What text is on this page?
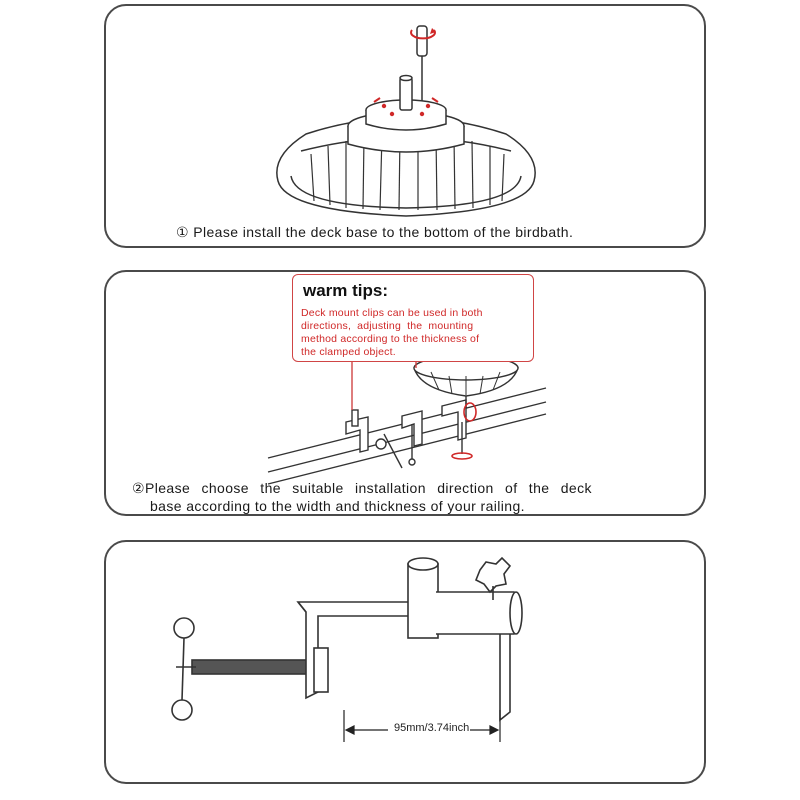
① Please install the deck base to the bottom of the birdbath.
warm tips:
Deck mount clips can be used in both
directions, adjusting the mounting
method according to the thickness of
the clamped object.
②Please choose the suitable installation direction of the deck
base according to the width and thickness of your railing.
95mm/3.74inch
